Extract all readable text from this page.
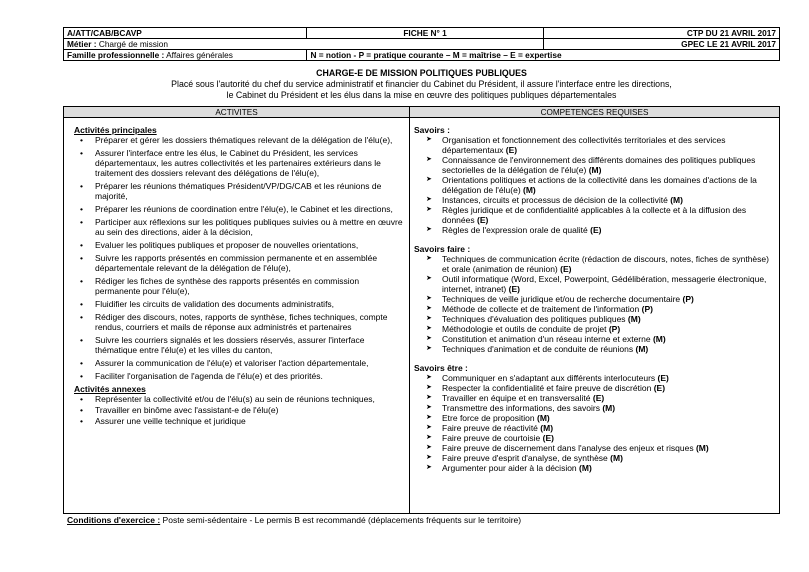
A/ATT/CAB/BCAVP	FICHE N° 1	CTP DU 21 AVRIL 2017
Métier : Chargé de mission		GPEC LE 21 AVRIL 2017
Famille professionnelle : Affaires générales	N = notion - P = pratique courante – M = maîtrise – E = expertise	
CHARGE-E DE MISSION POLITIQUES PUBLIQUES
Placé sous l'autorité du chef du service administratif et financier du Cabinet du Président, il assure l'interface entre les directions,
le Cabinet du Président et les élus dans la mise en œuvre des politiques publiques départementales
ACTIVITES	COMPETENCES REQUISES

Activités principales

• Préparer et gérer les dossiers thématiques relevant de la délégation de l'élu(e),
• Assurer l'interface entre les élus, le Cabinet du Président, les services départementaux, les autres collectivités et les partenaires extérieurs dans le traitement des dossiers relevant des délégations de l'élu(e),
• Préparer les réunions thématiques Président/VP/DG/CAB et les réunions de majorité,
• Préparer les réunions de coordination entre l'élu(e), le Cabinet et les directions,
• Participer aux réflexions sur les politiques publiques suivies ou à mettre en œuvre au sein des directions, aider à la décision,
• Evaluer les politiques publiques et proposer de nouvelles orientations,
• Suivre les rapports présentés en commission permanente et en assemblée départementale relevant de la délégation de l'élu(e),
• Rédiger les fiches de synthèse des rapports présentés en commission permanente pour l'élu(e),
• Fluidifier les circuits de validation des documents administratifs,
• Rédiger des discours, notes, rapports de synthèse, fiches techniques, compte rendus, courriers et mails de réponse aux administrés et partenaires
• Suivre les courriers signalés et les dossiers réservés, assurer l'interface thématique entre l'élu(e) et les villes du canton,
• Assurer la communication de l'élu(e) et valoriser l'action départementale,
• Faciliter l'organisation de l'agenda de l'élu(e) et des priorités.

Activités annexes

• Représenter la collectivité et/ou de l'élu(s) au sein de réunions techniques,
• Travailler en binôme avec l'assistant-e de l'élu(e)
• Assurer une veille technique et juridique

Savoirs :

➤ Organisation et fonctionnement des collectivités territoriales et des services départementaux (E)
➤ Connaissance de l'environnement des différents domaines des politiques publiques sectorielles de la délégation de l'élu(e) (M)
➤ Orientations politiques et actions de la collectivité dans les domaines d'actions de la délégation de l'élu(e) (M)
➤ Instances, circuits et processus de décision de la collectivité (M)
➤ Règles juridique et de confidentialité applicables à la collecte et à la diffusion des données (E)
➤ Règles de l'expression orale de qualité (E)

Savoirs faire :

➤ Techniques de communication écrite (rédaction de discours, notes, fiches de synthèse) et orale (animation de réunion) (E)
➤ Outil informatique (Word, Excel, Powerpoint, Gédélibération, messagerie électronique, internet, intranet) (E)
➤ Techniques de veille juridique et/ou de recherche documentaire (P)
➤ Méthode de collecte et de traitement de l'information (P)
➤ Techniques d'évaluation des politiques publiques (M)
➤ Méthodologie et outils de conduite de projet (P)
➤ Constitution et animation d'un réseau interne et externe (M)
➤ Techniques d'animation et de conduite de réunions (M)

Savoirs être :

➤ Communiquer en s'adaptant aux différents interlocuteurs (E)
➤ Respecter la confidentialité et faire preuve de discrétion (E)
➤ Travailler en équipe et en transversalité (E)
➤ Transmettre des informations, des savoirs (M)
➤ Etre force de proposition (M)
➤ Faire preuve de réactivité (M)
➤ Faire preuve de courtoisie (E)
➤ Faire preuve de discernement dans l'analyse des enjeux et risques (M)
➤ Faire preuve d'esprit d'analyse, de synthèse (M)
➤ Argumenter pour aider à la décision (M)
Conditions d'exercice : Poste semi-sédentaire - Le permis B est recommandé (déplacements fréquents sur le territoire)
